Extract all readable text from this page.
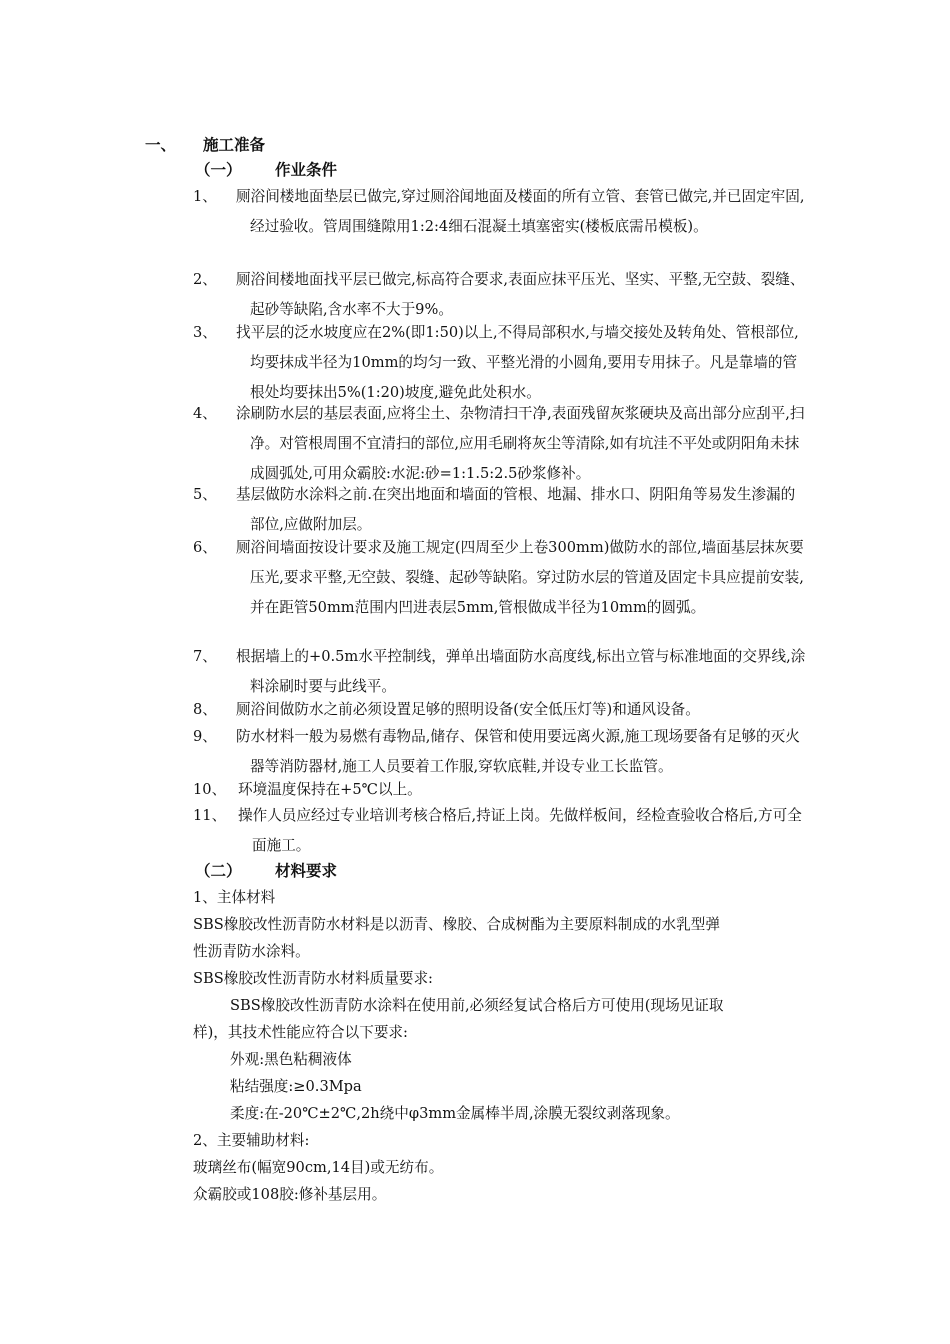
一、 施工准备
（一） 作业条件
1、	厕浴间楼地面垫层已做完,穿过厕浴闻地面及楼面的所有立管、套管已做完,并已固定牢固,经过验收。管周围缝隙用1:2:4细石混凝土填塞密实(楼板底需吊模板)。
2、	厕浴间楼地面找平层已做完,标高符合要求,表面应抹平压光、坚实、平整,无空鼓、裂缝、起砂等缺陷,含水率不大于9%。
3、	找平层的泛水坡度应在2%(即1:50)以上,不得局部积水,与墙交接处及转角处、管根部位,均要抹成半径为10mm的均匀一致、平整光滑的小圆角,要用专用抹子。凡是靠墙的管根处均要抹出5%(1:20)坡度,避免此处积水。
4、	涂刷防水层的基层表面,应将尘土、杂物清扫干净,表面残留灰浆硬块及高出部分应刮平,扫净。对管根周围不宜清扫的部位,应用毛刷将灰尘等清除,如有坑洼不平处或阴阳角未抹成圆弧处,可用众霸胶:水泥:砂=1:1.5:2.5砂浆修补。
5、	基层做防水涂料之前.在突出地面和墙面的管根、地漏、排水口、阴阳角等易发生渗漏的部位,应做附加层。
6、	厕浴间墙面按设计要求及施工规定(四周至少上卷300mm)做防水的部位,墙面基层抹灰要压光,要求平整,无空鼓、裂缝、起砂等缺陷。穿过防水层的管道及固定卡具应提前安装,并在距管50mm范围内凹进表层5mm,管根做成半径为10mm的圆弧。
7、	根据墙上的+0.5m水平控制线，弹单出墙面防水高度线,标出立管与标准地面的交界线,涂料涂刷时要与此线平。
8、	厕浴间做防水之前必须设置足够的照明设备(安全低压灯等)和通风设备。
9、	防水材料一般为易燃有毒物品,储存、保管和使用要远离火源,施工现场要备有足够的灭火器等消防器材,施工人员要着工作服,穿软底鞋,并设专业工长监管。
10、 环境温度保持在+5℃以上。
11、 操作人员应经过专业培训考核合格后,持证上岗。先做样板间，经检查验收合格后,方可全面施工。
（二） 材料要求
1、主体材料
SBS橡胶改性沥青防水材料是以沥青、橡胶、合成树酯为主要原料制成的水乳型弹
性沥青防水涂料。
SBS橡胶改性沥青防水材料质量要求:
SBS橡胶改性沥青防水涂料在使用前,必须经复试合格后方可使用(现场见证取
样)，其技术性能应符合以下要求:
外观:黑色粘稠液体
粘结强度:≥0.3Mpa
柔度:在-20℃±2℃,2h绕中φ3mm金属棒半周,涂膜无裂纹剥落现象。
2、主要辅助材料:
玻璃丝布(幅宽90cm,14目)或无纺布。
众霸胶或108胶:修补基层用。
